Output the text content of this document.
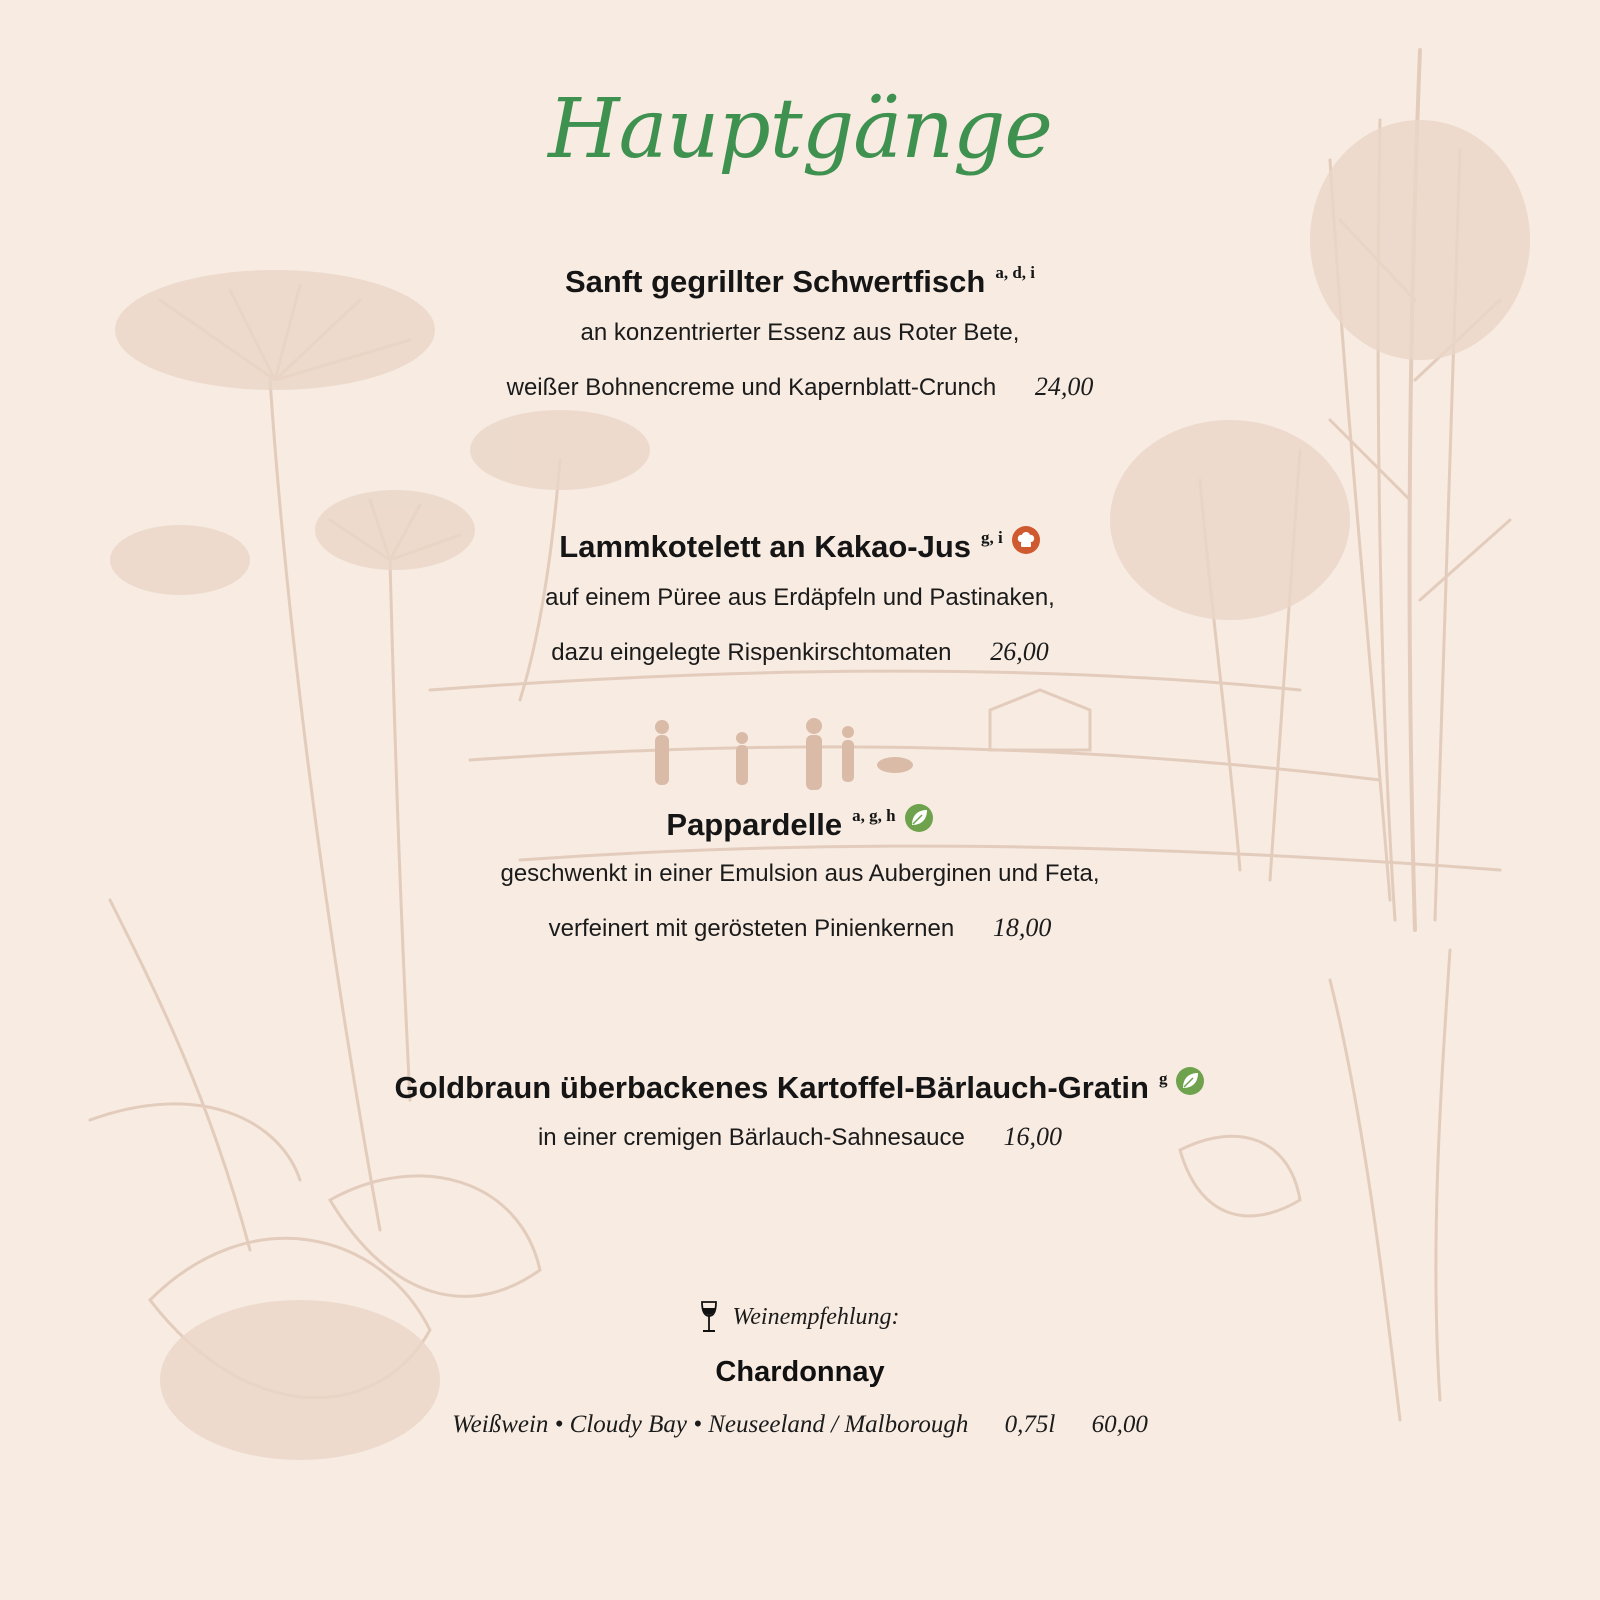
Hauptgänge
Sanft gegrillter Schwertfisch a, d, i
an konzentrierter Essenz aus Roter Bete,
weißer Bohnencreme und Kapernblatt-Crunch 24,00
Lammkotelett an Kakao-Jus g, i
auf einem Püree aus Erdäpfeln und Pastinaken,
dazu eingelegte Rispenkirschtomaten 26,00
Pappardelle a, g, h
geschwenkt in einer Emulsion aus Auberginen und Feta,
verfeinert mit gerösteten Pinienkernen 18,00
Goldbraun überbackenes Kartoffel-Bärlauch-Gratin g
in einer cremigen Bärlauch-Sahnesauce 16,00
Weinempfehlung:
Chardonnay
Weißwein • Cloudy Bay • Neuseeland / Malborough 0,75l 60,00
